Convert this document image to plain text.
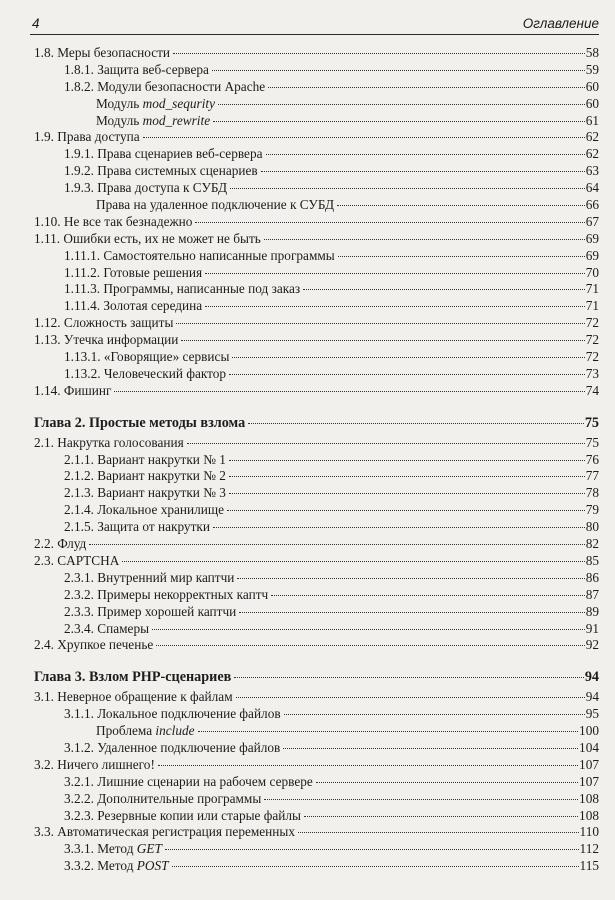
4	Оглавление
1.8. Меры безопасности	58
1.8.1. Защита веб-сервера	59
1.8.2. Модули безопасности Apache	60
Модуль mod_sequrity	60
Модуль mod_rewrite	61
1.9. Права доступа	62
1.9.1. Права сценариев веб-сервера	62
1.9.2. Права системных сценариев	63
1.9.3. Права доступа к СУБД	64
Права на удаленное подключение к СУБД	66
1.10. Не все так безнадежно	67
1.11. Ошибки есть, их не может не быть	69
1.11.1. Самостоятельно написанные программы	69
1.11.2. Готовые решения	70
1.11.3. Программы, написанные под заказ	71
1.11.4. Золотая середина	71
1.12. Сложность защиты	72
1.13. Утечка информации	72
1.13.1. «Говорящие» сервисы	72
1.13.2. Человеческий фактор	73
1.14. Фишинг	74
Глава 2. Простые методы взлома	75
2.1. Накрутка голосования	75
2.1.1. Вариант накрутки № 1	76
2.1.2. Вариант накрутки № 2	77
2.1.3. Вариант накрутки № 3	78
2.1.4. Локальное хранилище	79
2.1.5. Защита от накрутки	80
2.2. Флуд	82
2.3. CAPTCHA	85
2.3.1. Внутренний мир каптчи	86
2.3.2. Примеры некорректных каптч	87
2.3.3. Пример хорошей каптчи	89
2.3.4. Спамеры	91
2.4. Хрупкое печенье	92
Глава 3. Взлом PHP-сценариев	94
3.1. Неверное обращение к файлам	94
3.1.1. Локальное подключение файлов	95
Проблема include	100
3.1.2. Удаленное подключение файлов	104
3.2. Ничего лишнего!	107
3.2.1. Лишние сценарии на рабочем сервере	107
3.2.2. Дополнительные программы	108
3.2.3. Резервные копии или старые файлы	108
3.3. Автоматическая регистрация переменных	110
3.3.1. Метод GET	112
3.3.2. Метод POST	115
